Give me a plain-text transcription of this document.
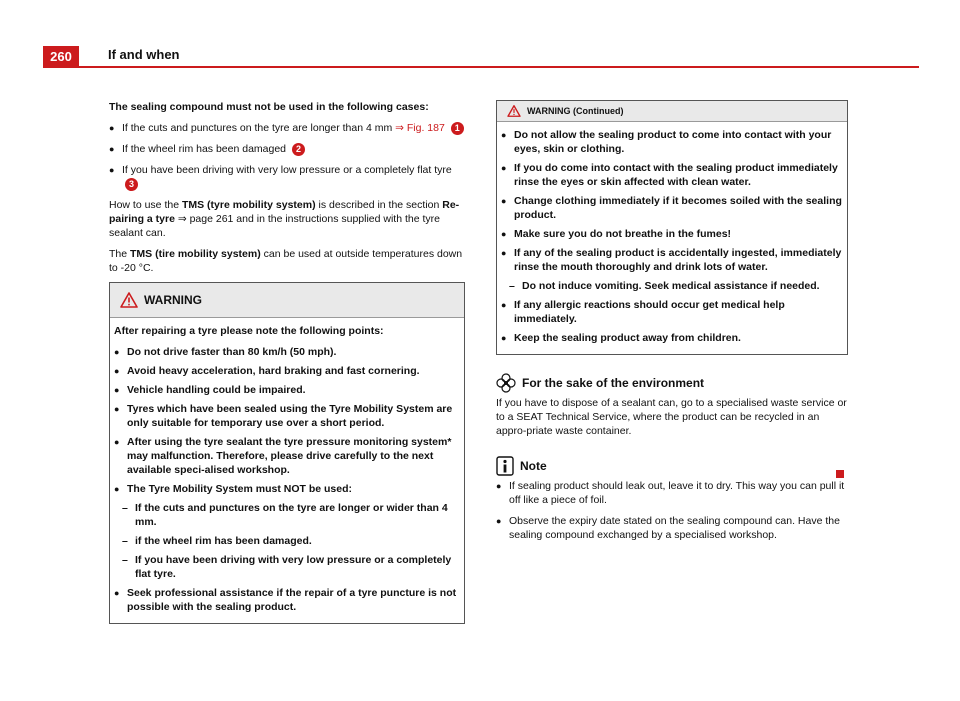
260	If and when

The sealing compound must not be used in the following cases:

● If the cuts and punctures on the tyre are longer than 4 mm ⇒ Fig. 187 1
● If the wheel rim has been damaged 2
● If you have been driving with very low pressure or a completely flat tyre 3

How to use the TMS (tyre mobility system) is described in the section Re-pairing a tyre ⇒ page 261 and in the instructions supplied with the tyre sealant can.

The TMS (tire mobility system) can be used at outside temperatures down to -20 °C.

WARNING

After repairing a tyre please note the following points:

● Do not drive faster than 80 km/h (50 mph).
● Avoid heavy acceleration, hard braking and fast cornering.
● Vehicle handling could be impaired.
● Tyres which have been sealed using the Tyre Mobility System are only suitable for temporary use over a short period.
● After using the tyre sealant the tyre pressure monitoring system* may malfunction. Therefore, please drive carefully to the next available speci-alised workshop.
● The Tyre Mobility System must NOT be used:
– If the cuts and punctures on the tyre are longer or wider than 4 mm.
– if the wheel rim has been damaged.
– If you have been driving with very low pressure or a completely flat tyre.
● Seek professional assistance if the repair of a tyre puncture is not possible with the sealing product.
WARNING (Continued)
● Do not allow the sealing product to come into contact with your eyes, skin or clothing.
● If you do come into contact with the sealing product immediately rinse the eyes or skin affected with clean water.
● Change clothing immediately if it becomes soiled with the sealing product.
● Make sure you do not breathe in the fumes!
● If any of the sealing product is accidentally ingested, immediately rinse the mouth thoroughly and drink lots of water.
– Do not induce vomiting. Seek medical assistance if needed.
● If any allergic reactions should occur get medical help immediately.
● Keep the sealing product away from children.
For the sake of the environment

If you have to dispose of a sealant can, go to a specialised waste service or to a SEAT Technical Service, where the product can be recycled in an appro-priate waste container.

Note
● If sealing product should leak out, leave it to dry. This way you can pull it off like a piece of foil.
● Observe the expiry date stated on the sealing compound can. Have the sealing compound exchanged by a specialised workshop.
